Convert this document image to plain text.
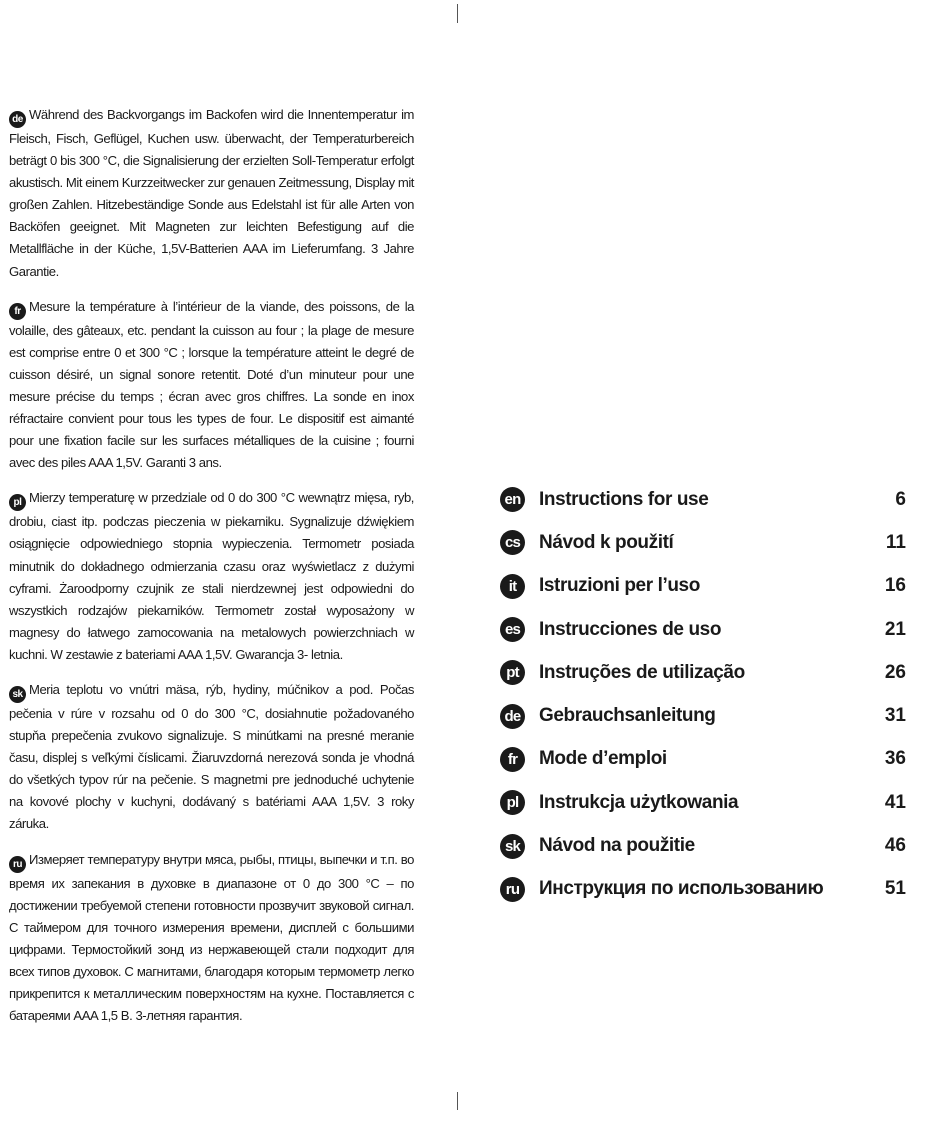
de Während des Backvorgangs im Backofen wird die Innentemperatur im Fleisch, Fisch, Geflügel, Kuchen usw. überwacht, der Temperaturbereich beträgt 0 bis 300 °C, die Signalisierung der erzielten Soll-Temperatur erfolgt akustisch. Mit einem Kurzzeitwecker zur genauen Zeitmessung, Display mit großen Zahlen. Hitzebeständige Sonde aus Edelstahl ist für alle Arten von Backöfen geeignet. Mit Magneten zur leichten Befestigung auf die Metallfläche in der Küche, 1,5V-Batterien AAA im Lieferumfang. 3 Jahre Garantie.

fr Mesure la température à l’intérieur de la viande, des poissons, de la volaille, des gâteaux, etc. pendant la cuisson au four ; la plage de mesure est comprise entre 0 et 300 °C ; lorsque la température atteint le degré de cuisson désiré, un signal sonore retentit. Doté d’un minuteur pour une mesure précise du temps ; écran avec gros chiffres. La sonde en inox réfractaire convient pour tous les types de four. Le dispositif est aimanté pour une fixation facile sur les surfaces métalliques de la cuisine ; fourni avec des piles AAA 1,5V. Garanti 3 ans.

pl Mierzy temperaturę w przedziale od 0 do 300 °C wewnątrz mięsa, ryb, drobiu, ciast itp. podczas pieczenia w piekarniku. Sygnalizuje dźwiękiem osiągnięcie odpowiedniego stopnia wypieczenia. Termometr posiada minutnik do dokładnego odmierzania czasu oraz wyświetlacz z dużymi cyframi. Żaroodporny czujnik ze stali nierdzewnej jest odpowiedni do wszystkich rodzajów piekarników. Termometr został wyposażony w magnesy do łatwego zamocowania na metalowych powierzchniach w kuchni. W zestawie z bateriami AAA 1,5V. Gwarancja 3- letnia.

sk Meria teplotu vo vnútri mäsa, rýb, hydiny, múčnikov a pod. Počas pečenia v rúre v rozsahu od 0 do 300 °C, dosiahnutie požadovaného stupňa prepečenia zvukovo signalizuje. S minútkami na presné meranie času, displej s veľkými číslicami. Žiaruvzdorná nerezová sonda je vhodná do všetkých typov rúr na pečenie. S magnetmi pre jednoduché uchytenie na kovové plochy v kuchyni, dodávaný s batériami AAA 1,5V. 3 roky záruka.

ru Измеряет температуру внутри мяса, рыбы, птицы, выпечки и т.п. во время их запекания в духовке в диапазоне от 0 до 300 °C – по достижении требуемой степени готовности прозвучит звуковой сигнал. С таймером для точного измерения времени, дисплей с большими цифрами. Термостойкий зонд из нержавеющей стали подходит для всех типов духовок. С магнитами, благодаря которым термометр легко прикрепится к металлическим поверхностям на кухне. Поставляется с батареями AAA 1,5 В. 3-летняя гарантия.

en Instructions for use	6
cs Návod k použití	11
it	Istruzioni per l’uso	16
es Instrucciones de uso	21
pt	Instruções de utilização	26
de Gebrauchsanleitung	31
fr	Mode d’emploi	36
pl	Instrukcja użytkowania	41
sk Návod na použitie	46
ru	Инструкция по использованию	51
